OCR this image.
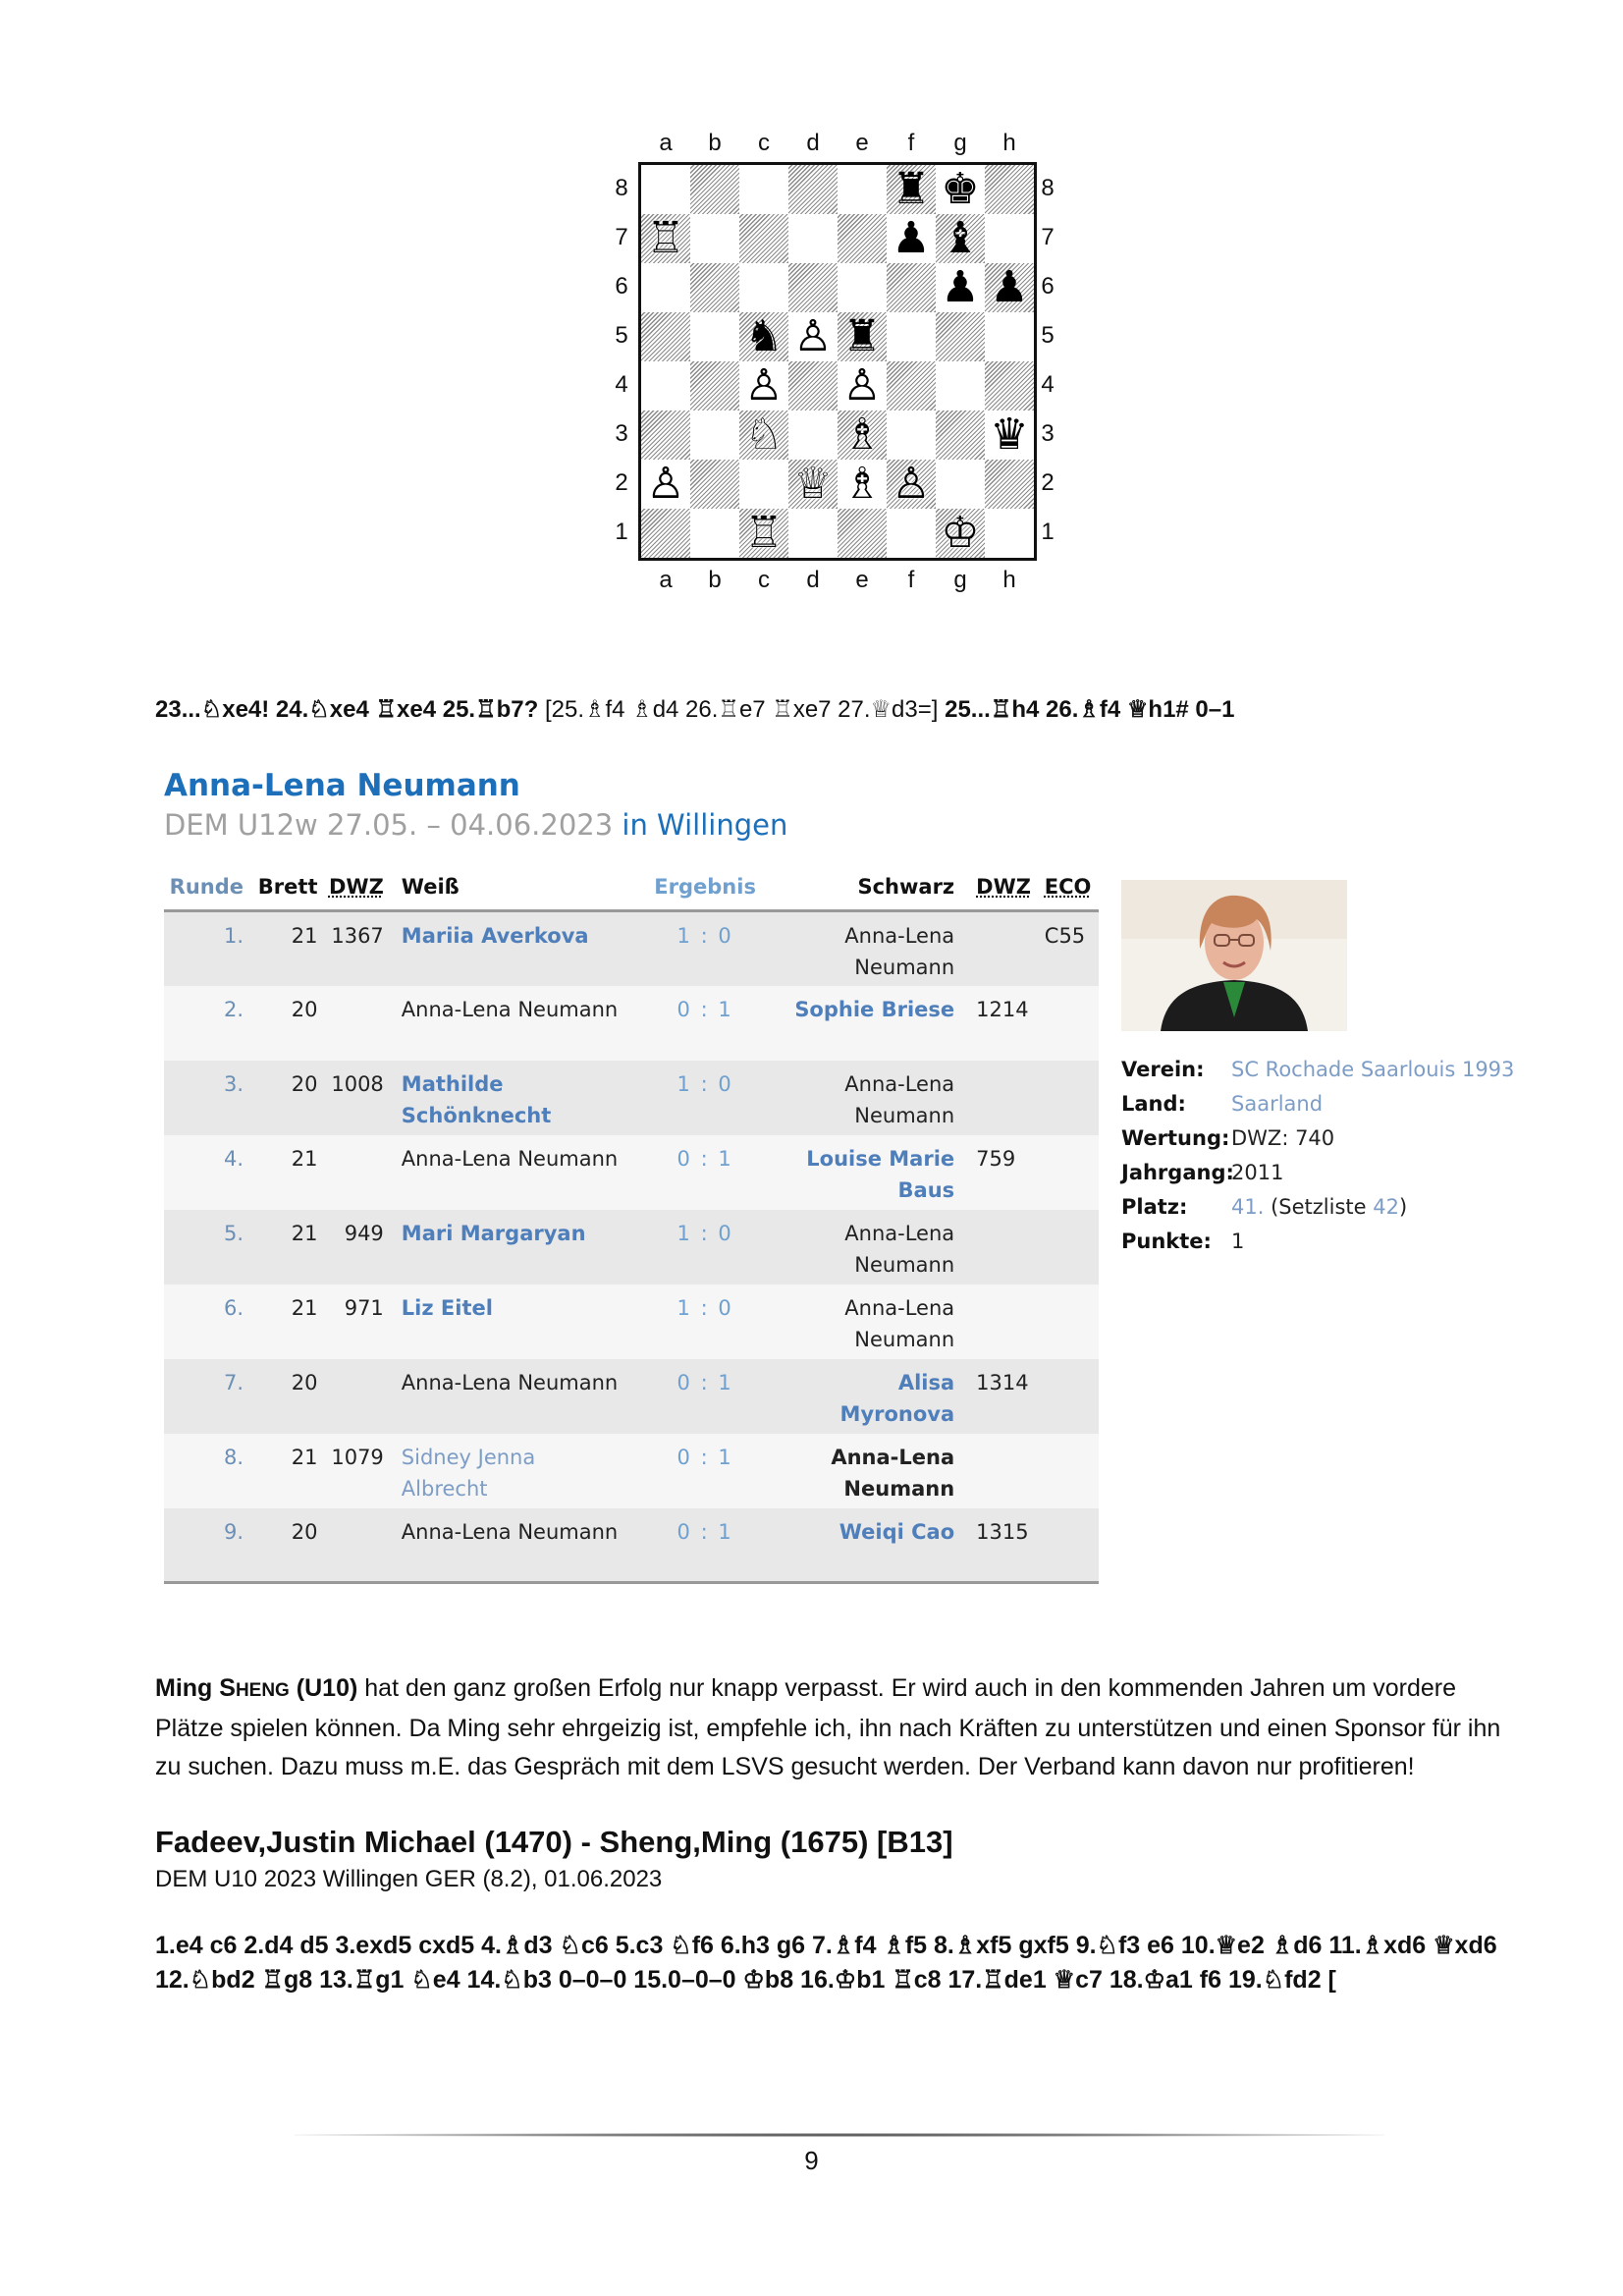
a	b	c	d	e	f	g	h
a	b	c	d	e	f	g	h
8
7
6
5
4
3
2
1
8
7
6
5
4
3
2
1
♜ ♚
♖	♟ ♝
♟ ♟
♞ ♙ ♜
♙ ♙
♘ ♗	♛
♙	♕ ♗ ♙
♖	♔
23...♘xe4! 24.♘xe4 ♖xe4 25.♖b7? [25.♗f4 ♗d4 26.♖e7 ♖xe7 27.♕d3=] 25...♖h4 26.♗f4 ♕h1# 0–1
Anna-Lena Neumann
DEM U12w 27.05. – 04.06.2023 in Willingen
Runde	Brett	DWZ	Weiß	Ergebnis	Schwarz	DWZ	ECO
1.	21	1367	Mariia Averkova	1 : 0	Anna-Lena Neumann		C55
2.	20		Anna-Lena Neumann	0 : 1	Sophie Briese	1214	
3.	20	1008	Mathilde Schönknecht	1 : 0	Anna-Lena Neumann		
4.	21		Anna-Lena Neumann	0 : 1	Louise Marie Baus	759	
5.	21	949	Mari Margaryan	1 : 0	Anna-Lena Neumann		
6.	21	971	Liz Eitel	1 : 0	Anna-Lena Neumann		
7.	20		Anna-Lena Neumann	0 : 1	Alisa Myronova	1314	
8.	21	1079	Sidney Jenna Albrecht	0 : 1	Anna-Lena Neumann		
9.	20		Anna-Lena Neumann	0 : 1	Weiqi Cao	1315	
Verein: SC Rochade Saarlouis 1993
Land: Saarland
Wertung:DWZ: 740
Jahrgang:2011
Platz: 41. (Setzliste 42)
Punkte: 1
Ming SHENG (U10) hat den ganz großen Erfolg nur knapp verpasst. Er wird auch in den kommenden Jahren um vordere Plätze spielen können. Da Ming sehr ehrgeizig ist, empfehle ich, ihn nach Kräften zu unterstützen und einen Sponsor für ihn zu suchen. Dazu muss m.E. das Gespräch mit dem LSVS gesucht werden. Der Verband kann davon nur profitieren!
Fadeev,Justin Michael (1470) - Sheng,Ming (1675) [B13]
DEM U10 2023 Willingen GER (8.2), 01.06.2023
1.e4 c6 2.d4 d5 3.exd5 cxd5 4.♗d3 ♘c6 5.c3 ♘f6 6.h3 g6 7.♗f4 ♗f5 8.♗xf5 gxf5 9.♘f3 e6 10.♕e2 ♗d6 11.♗xd6 ♕xd6 12.♘bd2 ♖g8 13.♖g1 ♘e4 14.♘b3 0–0–0 15.0–0–0 ♔b8 16.♔b1 ♖c8 17.♖de1 ♕c7 18.♔a1 f6 19.♘fd2 [
9
